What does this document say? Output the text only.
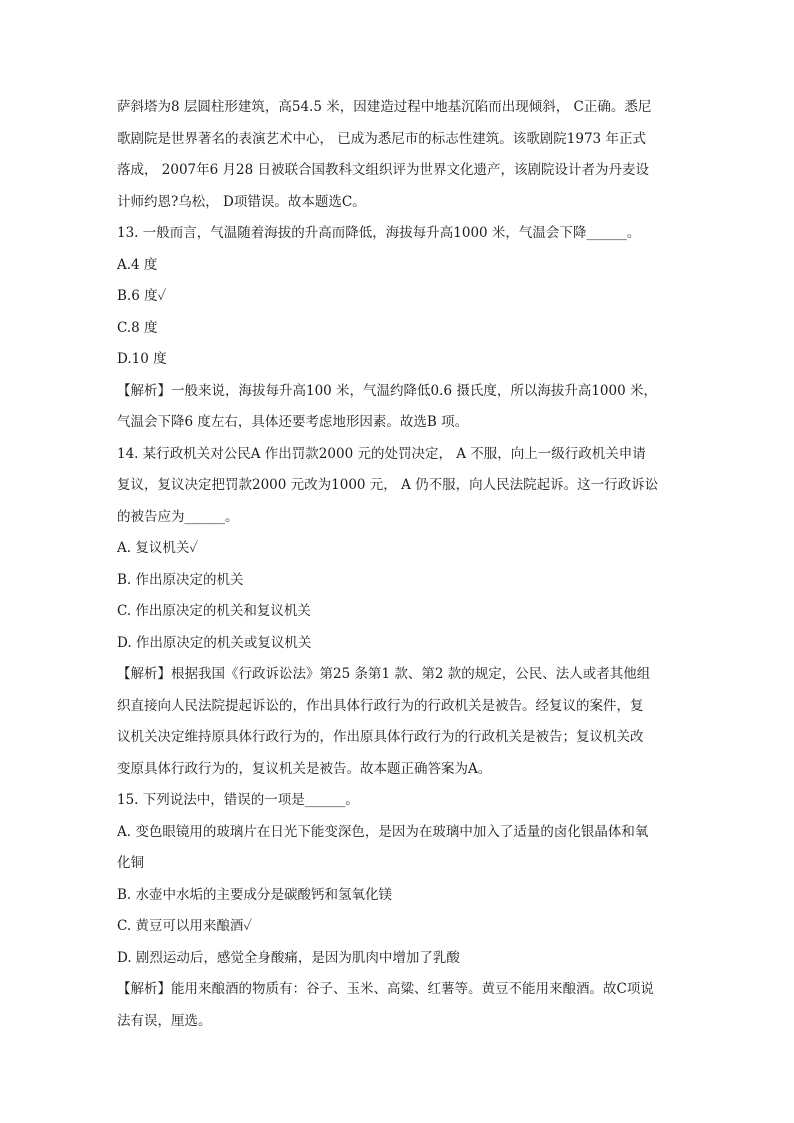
萨斜塔为8 层圆柱形建筑，高54.5 米，因建造过程中地基沉陷而出现倾斜， C正确。悉尼
歌剧院是世界著名的表演艺术中心， 已成为悉尼市的标志性建筑。该歌剧院1973 年正式
落成， 2007年6 月28 日被联合国教科文组织评为世界文化遗产，该剧院设计者为丹麦设
计师约恩?乌松， D项错误。故本题选C。
13. 一般而言，气温随着海拔的升高而降低，海拔每升高1000 米，气温会下降______。
A.4 度
B.6 度✓
C.8 度
D.10 度
【解析】一般来说，海拔每升高100 米，气温约降低0.6 摄氏度，所以海拔升高1000 米，
气温会下降6 度左右，具体还要考虑地形因素。故选B 项。
14. 某行政机关对公民A 作出罚款2000 元的处罚决定， A 不服，向上一级行政机关申请
复议，复议决定把罚款2000 元改为1000 元， A 仍不服，向人民法院起诉。这一行政诉讼
的被告应为______。
A. 复议机关✓
B. 作出原决定的机关
C. 作出原决定的机关和复议机关
D. 作出原决定的机关或复议机关
【解析】根据我国《行政诉讼法》第25 条第1 款、第2 款的规定，公民、法人或者其他组
织直接向人民法院提起诉讼的，作出具体行政行为的行政机关是被告。经复议的案件，复
议机关决定维持原具体行政行为的，作出原具体行政行为的行政机关是被告；复议机关改
变原具体行政行为的，复议机关是被告。故本题正确答案为A。
15. 下列说法中，错误的一项是______。
A. 变色眼镜用的玻璃片在日光下能变深色，是因为在玻璃中加入了适量的卤化银晶体和氧
化铜
B. 水壶中水垢的主要成分是碳酸钙和氢氧化镁
C. 黄豆可以用来酿酒✓
D. 剧烈运动后，感觉全身酸痛，是因为肌肉中增加了乳酸
【解析】能用来酿酒的物质有：谷子、玉米、高粱、红薯等。黄豆不能用来酿酒。故C项说
法有误，厘选。
